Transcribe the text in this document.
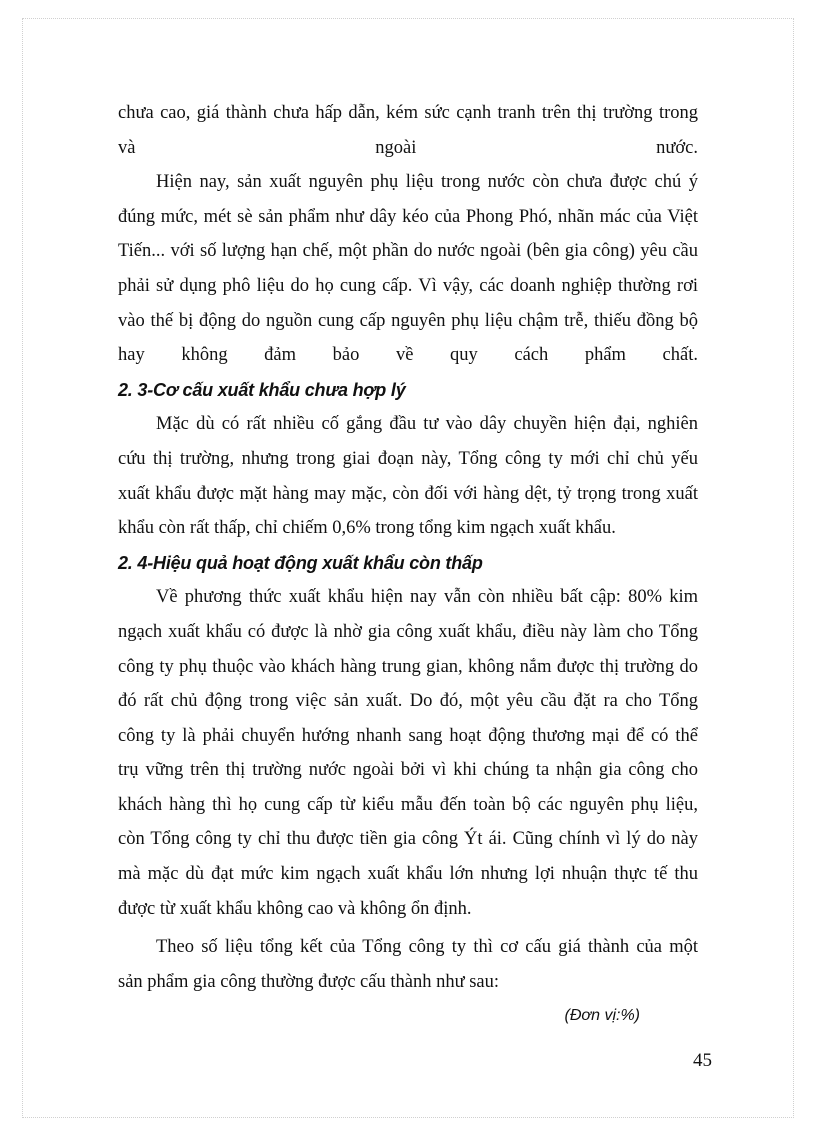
chưa cao, giá thành chưa hấp dẫn, kém sức cạnh tranh trên thị trường trong

và ngoài nước.

Hiện nay, sản xuất nguyên phụ liệu trong nước còn chưa được chú ý

đúng mức, mét sè sản phẩm như dây kéo của Phong Phó, nhãn mác của Việt

Tiến... với số lượng hạn chế, một phần do nước ngoài (bên gia công) yêu cầu

phải sử dụng phô liệu do họ cung cấp. Vì vậy, các doanh nghiệp thường rơi

vào thế bị động do nguồn cung cấp nguyên phụ liệu chậm trễ, thiếu đồng bộ

hay không đảm bảo về quy cách phẩm chất.

2. 3-Cơ cấu xuất khẩu chưa hợp lý

Mặc dù có rất nhiều cố gắng đầu tư vào dây chuyền hiện đại, nghiên

cứu thị trường, nhưng trong giai đoạn này, Tổng công ty mới chỉ chủ yếu

xuất khẩu được mặt hàng may mặc, còn đối với hàng dệt, tỷ trọng trong xuất

khẩu còn rất thấp, chỉ chiếm 0,6% trong tổng kim ngạch xuất khẩu.

2. 4-Hiệu quả hoạt động xuất khẩu còn thấp

Về phương thức xuất khẩu hiện nay vẫn còn nhiều bất cập: 80% kim

ngạch xuất khẩu có được là nhờ gia công xuất khẩu, điều này làm cho Tổng

công ty phụ thuộc vào khách hàng trung gian, không nắm được thị trường do

đó rất chủ động trong việc sản xuất. Do đó, một yêu cầu đặt ra cho Tổng

công ty là phải chuyển hướng nhanh sang hoạt động thương mại để có thể

trụ vững trên thị trường nước ngoài bởi vì khi chúng ta nhận gia công cho

khách hàng thì họ cung cấp từ kiểu mẫu đến toàn bộ các nguyên phụ liệu,

còn Tổng công ty chỉ thu được tiền gia công Ýt ái. Cũng chính vì lý do này

mà mặc dù đạt mức kim ngạch xuất khẩu lớn nhưng lợi nhuận thực tế thu

được từ xuất khẩu không cao và không ổn định.

Theo số liệu tổng kết của Tổng công ty thì cơ cấu giá thành của một

sản phẩm gia công thường được cấu thành như sau:

(Đơn vị:%)

45
